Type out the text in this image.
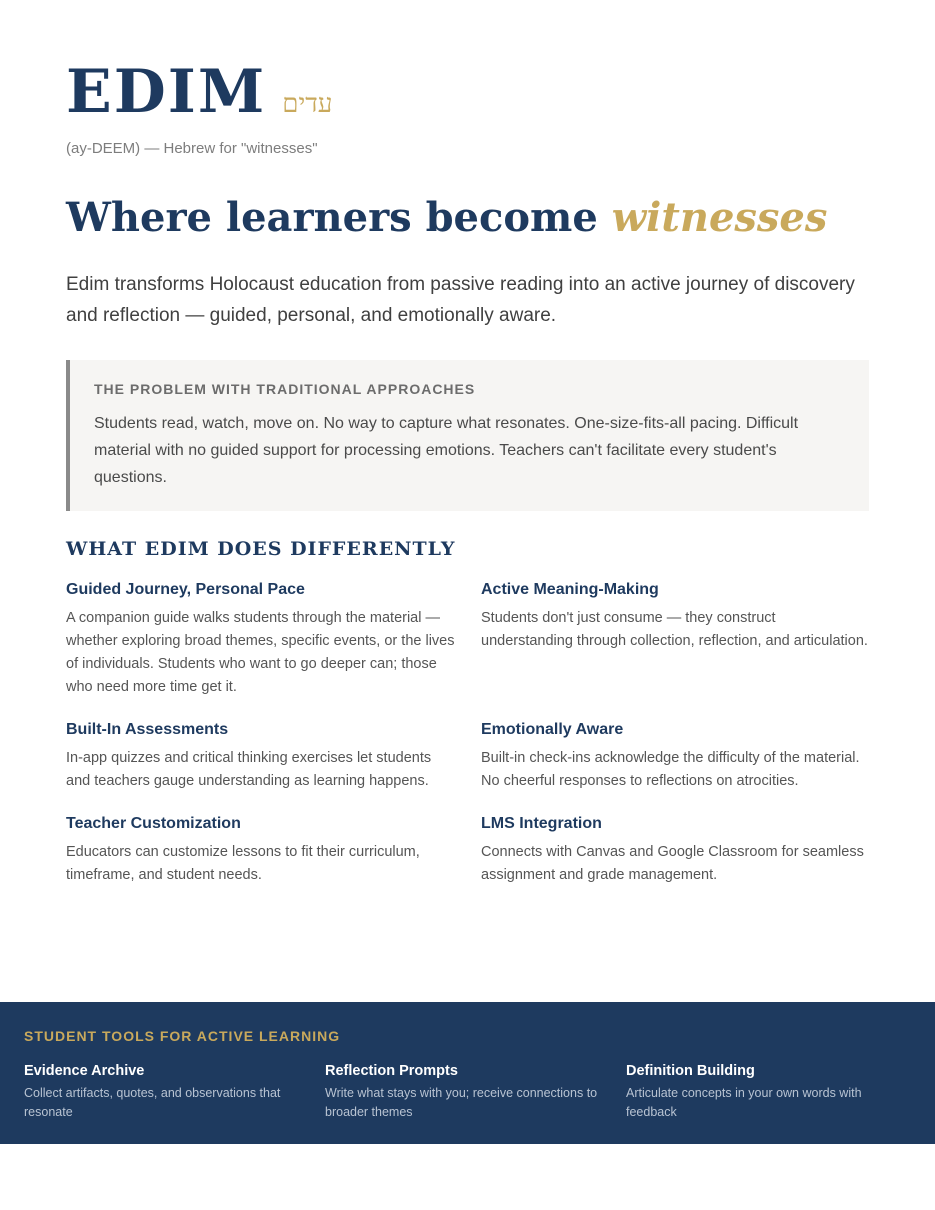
EDIM עדים
(ay-DEEM) — Hebrew for "witnesses"
Where learners become witnesses

Edim transforms Holocaust education from passive reading into an active journey of discovery and reflection — guided, personal, and emotionally aware.

THE PROBLEM WITH TRADITIONAL APPROACHES

Students read, watch, move on. No way to capture what resonates. One-size-fits-all pacing. Difficult material with no guided support for processing emotions. Teachers can't facilitate every student's questions.

WHAT EDIM DOES DIFFERENTLY
Guided Journey, Personal Pace

A companion guide walks students through the material — whether exploring broad themes, specific events, or the lives of individuals. Students who want to go deeper can; those who need more time get it.

Active Meaning-Making

Students don't just consume — they construct understanding through collection, reflection, and articulation.

Built-In Assessments

In-app quizzes and critical thinking exercises let students and teachers gauge understanding as learning happens.

Emotionally Aware

Built-in check-ins acknowledge the difficulty of the material. No cheerful responses to reflections on atrocities.

Teacher Customization

Educators can customize lessons to fit their curriculum, timeframe, and student needs.

LMS Integration

Connects with Canvas and Google Classroom for seamless assignment and grade management.

STUDENT TOOLS FOR ACTIVE LEARNING
Evidence Archive

Collect artifacts, quotes, and observations that resonate

Reflection Prompts

Write what stays with you; receive connections to broader themes

Definition Building

Articulate concepts in your own words with feedback
